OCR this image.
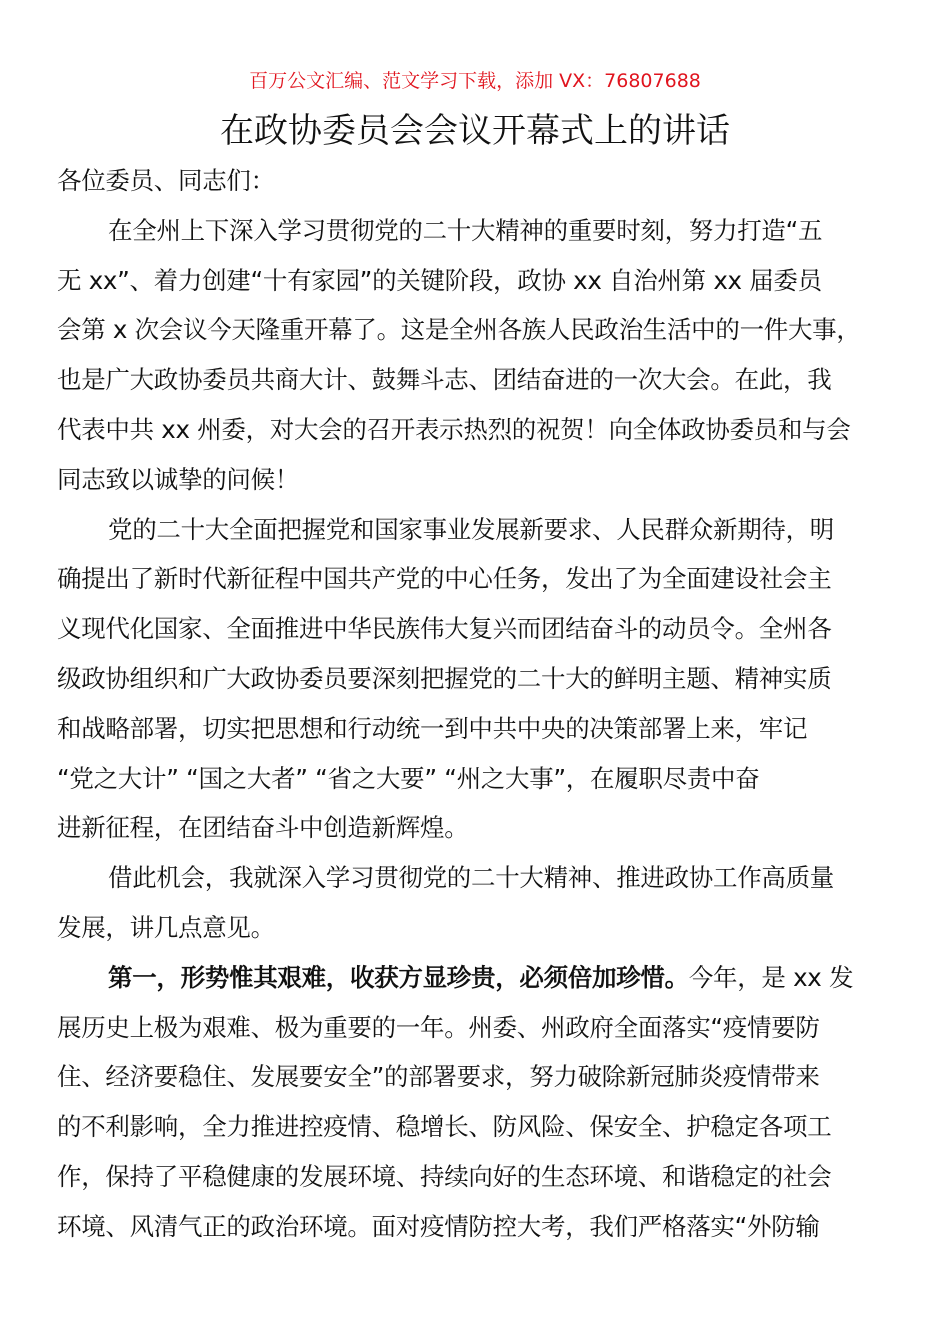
百万公文汇编、范文学习下载，添加 VX：76807688
在政协委员会会议开幕式上的讲话
各位委员、同志们：
在全州上下深入学习贯彻党的二十大精神的重要时刻，努力打造“五
无 xx”、着力创建“十有家园”的关键阶段，政协 xx 自治州第 xx 届委员
会第 x 次会议今天隆重开幕了。这是全州各族人民政治生活中的一件大事，
也是广大政协委员共商大计、鼓舞斗志、团结奋进的一次大会。在此，我
代表中共 xx 州委，对大会的召开表示热烈的祝贺！向全体政协委员和与会
同志致以诚挚的问候！
党的二十大全面把握党和国家事业发展新要求、人民群众新期待，明
确提出了新时代新征程中国共产党的中心任务，发出了为全面建设社会主
义现代化国家、全面推进中华民族伟大复兴而团结奋斗的动员令。全州各
级政协组织和广大政协委员要深刻把握党的二十大的鲜明主题、精神实质
和战略部署，切实把思想和行动统一到中共中央的决策部署上来，牢记
“党之大计” “国之大者” “省之大要” “州之大事”，在履职尽责中奋
进新征程，在团结奋斗中创造新辉煌。
借此机会，我就深入学习贯彻党的二十大精神、推进政协工作高质量
发展，讲几点意见。
第一，形势惟其艰难，收获方显珍贵，必须倍加珍惜。今年，是 xx 发
展历史上极为艰难、极为重要的一年。州委、州政府全面落实“疫情要防
住、经济要稳住、发展要安全”的部署要求，努力破除新冠肺炎疫情带来
的不利影响，全力推进控疫情、稳增长、防风险、保安全、护稳定各项工
作，保持了平稳健康的发展环境、持续向好的生态环境、和谐稳定的社会
环境、风清气正的政治环境。面对疫情防控大考，我们严格落实“外防输
